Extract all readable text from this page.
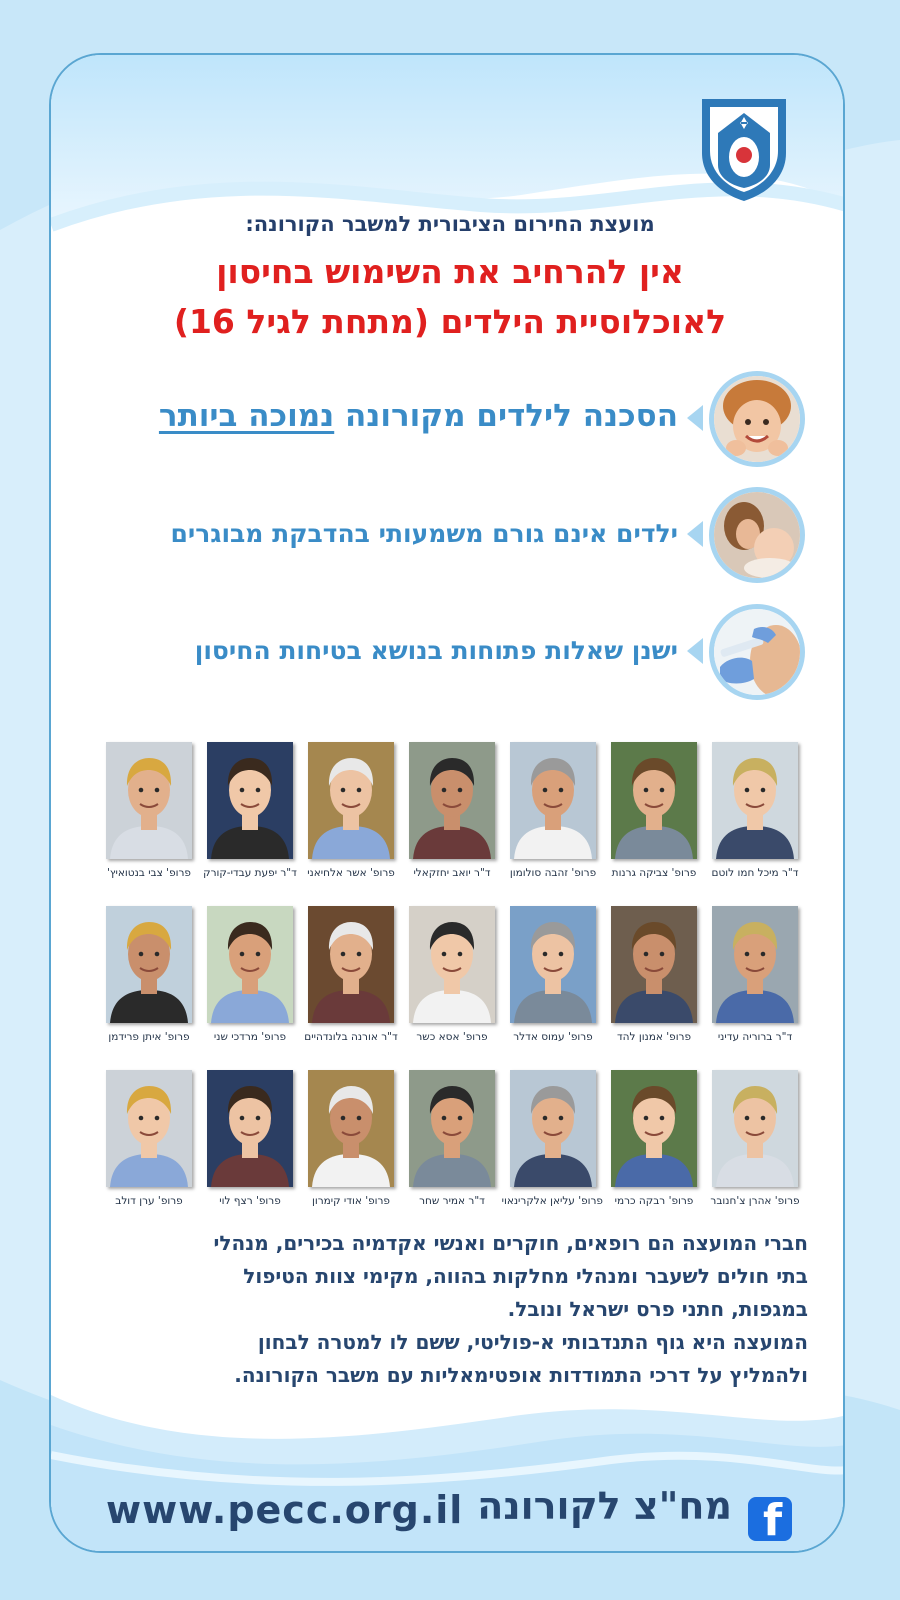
מועצת החירום הציבורית למשבר הקורונה:
אין להרחיב את השימוש בחיסון
לאוכלוסיית הילדים (מתחת לגיל 16)
הסכנה לילדים מקורונה נמוכה ביותר
ילדים אינם גורם משמעותי בהדבקת מבוגרים
ישנן שאלות פתוחות בנושא בטיחות החיסון
ד"ר מיכל חמו לוטם
פרופ' צביקה גרנות
פרופ' זהבה סולומון
ד"ר יואב יחזקאלי
פרופ' אשר אלחיאני
ד"ר יפעת עבדי-קורק
פרופ' צבי בנטואיץ'
ד"ר ברוריה עדיני
פרופ' אמנון להד
פרופ' עמוס אדלר
פרופ' אסא כשר
ד"ר אורנה בלונדהיים
פרופ' מרדכי שני
פרופ' איתן פרידמן
פרופ' אהרן צ'חנובר
פרופ' רבקה כרמי
פרופ' עליאן אלקרינאוי
ד"ר אמיר שחר
פרופ' אודי קימרון
פרופ' רצף לוי
פרופ' ערן דולב
חברי המועצה הם רופאים, חוקרים ואנשי אקדמיה בכירים, מנהלי
בתי חולים לשעבר ומנהלי מחלקות בהווה, מקימי צוות הטיפול
במגפות, חתני פרס ישראל ונובל.
המועצה היא גוף התנדבותי א-פוליטי, ששם לו למטרה לבחון
ולהמליץ על דרכי התמודדות אופטימאליות עם משבר הקורונה.
www.pecc.org.il מח"צ לקורונה f
